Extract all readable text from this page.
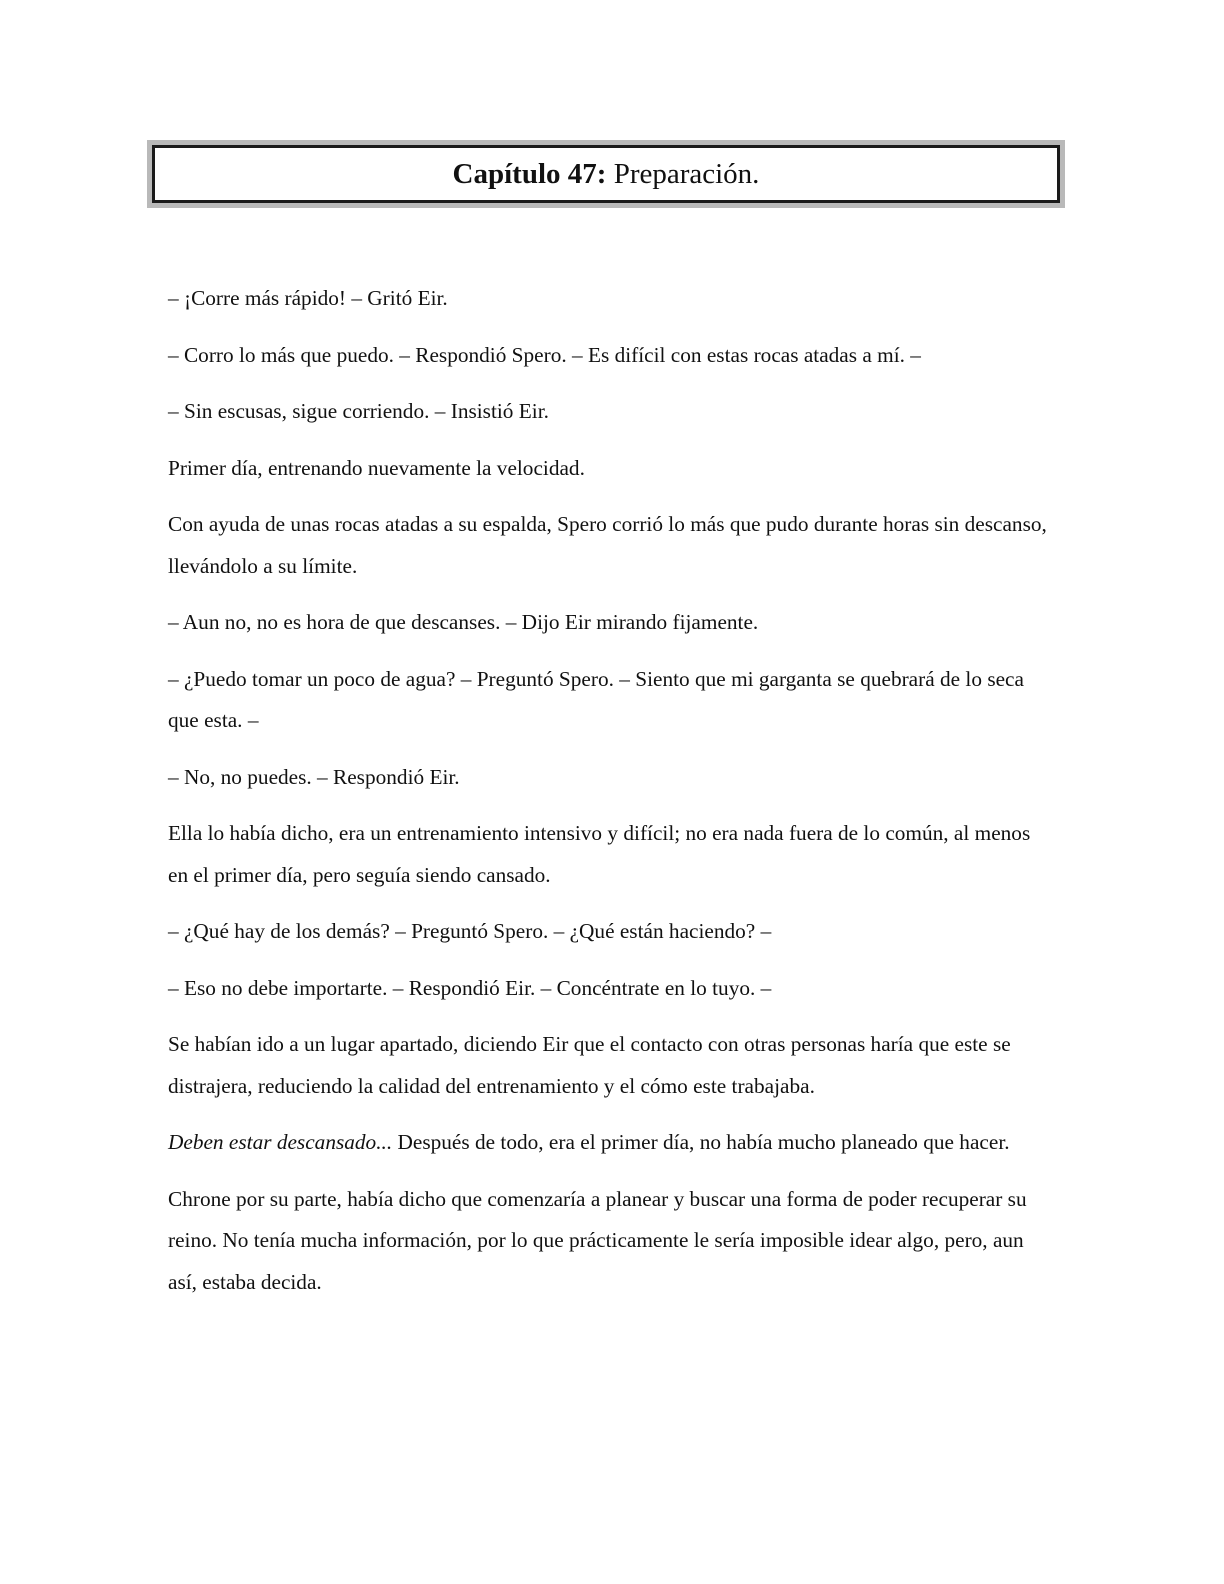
Capítulo 47: Preparación.

– ¡Corre más rápido! – Gritó Eir.

– Corro lo más que puedo. – Respondió Spero. – Es difícil con estas rocas atadas a mí. –

– Sin escusas, sigue corriendo. – Insistió Eir.

Primer día, entrenando nuevamente la velocidad.

Con ayuda de unas rocas atadas a su espalda, Spero corrió lo más que pudo durante horas sin descanso, llevándolo a su límite.

– Aun no, no es hora de que descanses. – Dijo Eir mirando fijamente.

– ¿Puedo tomar un poco de agua? – Preguntó Spero. – Siento que mi garganta se quebrará de lo seca que esta. –

– No, no puedes. – Respondió Eir.

Ella lo había dicho, era un entrenamiento intensivo y difícil; no era nada fuera de lo común, al menos en el primer día, pero seguía siendo cansado.

– ¿Qué hay de los demás? – Preguntó Spero. – ¿Qué están haciendo? –

– Eso no debe importarte. – Respondió Eir. – Concéntrate en lo tuyo. –

Se habían ido a un lugar apartado, diciendo Eir que el contacto con otras personas haría que este se distrajera, reduciendo la calidad del entrenamiento y el cómo este trabajaba.

Deben estar descansado... Después de todo, era el primer día, no había mucho planeado que hacer.

Chrone por su parte, había dicho que comenzaría a planear y buscar una forma de poder recuperar su reino. No tenía mucha información, por lo que prácticamente le sería imposible idear algo, pero, aun así, estaba decida.
